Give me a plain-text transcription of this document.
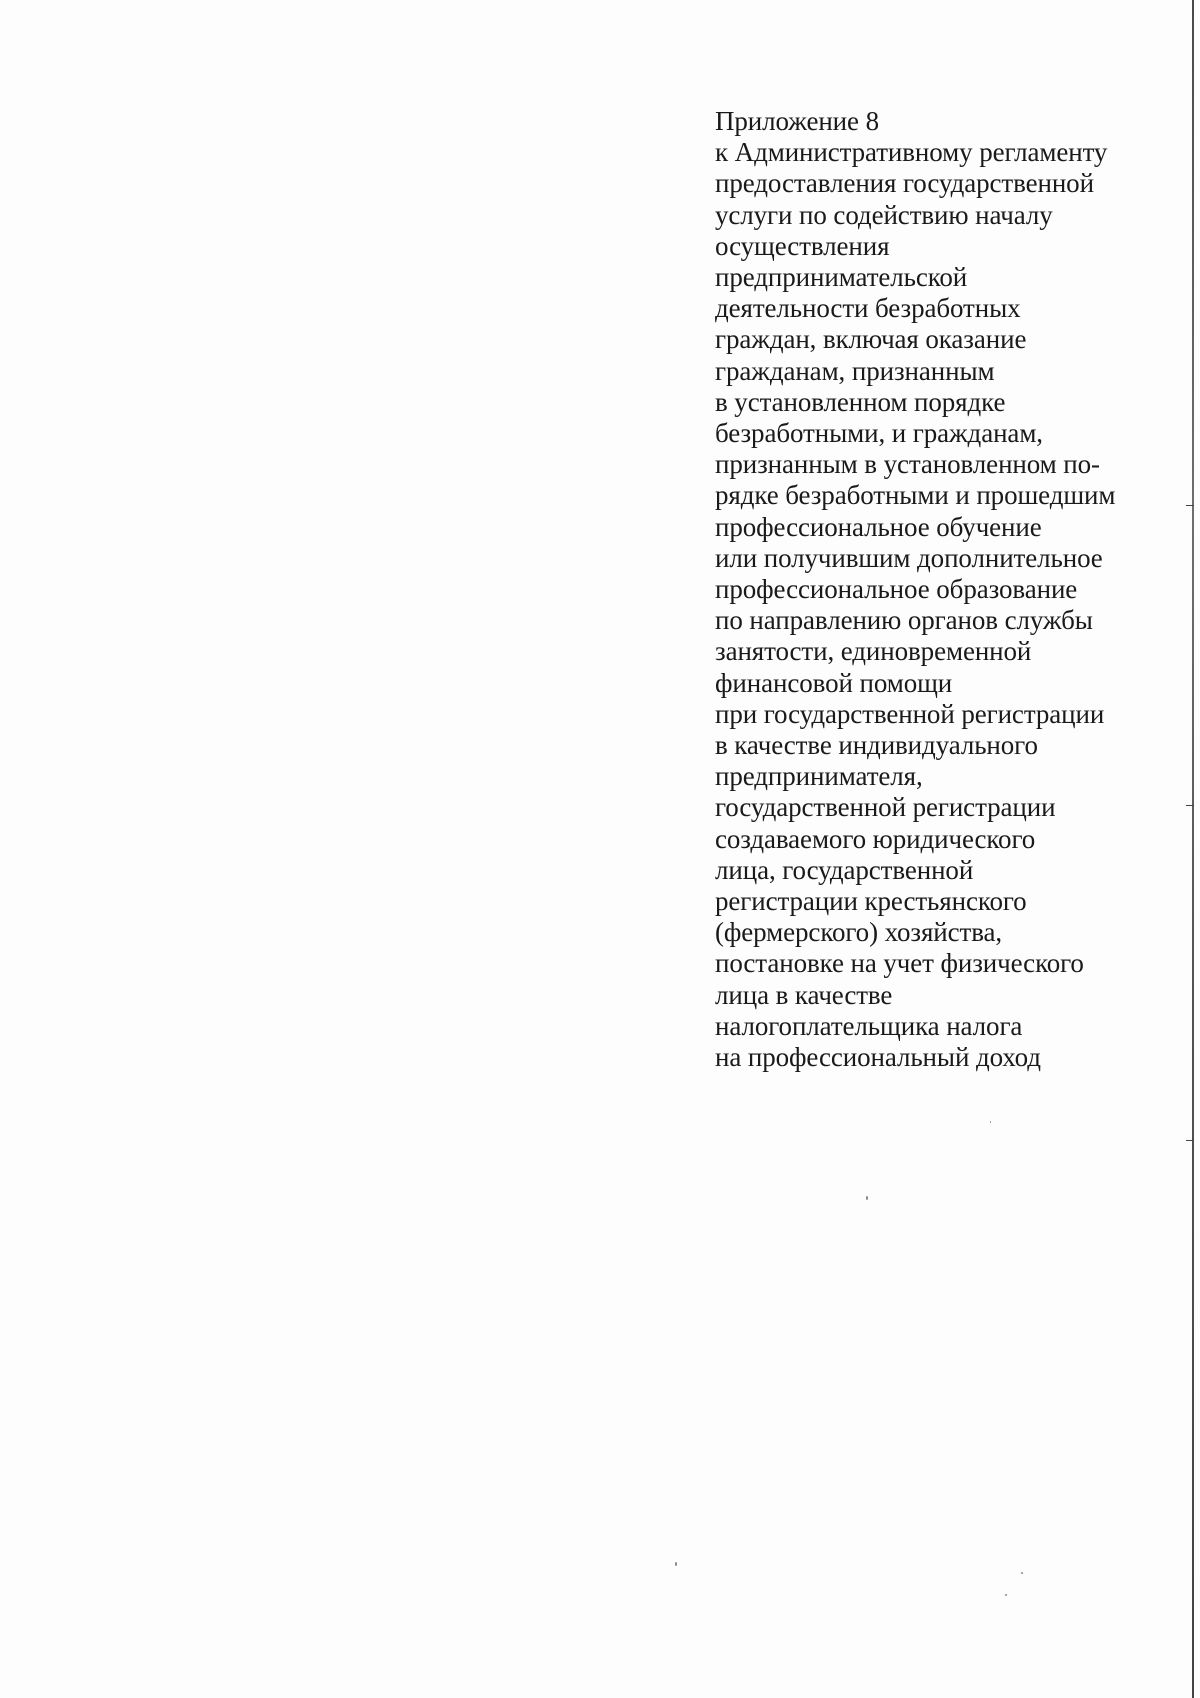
Приложение 8
к Административному регламенту
предоставления государственной
услуги по содействию началу
осуществления
предпринимательской
деятельности безработных
граждан, включая оказание
гражданам, признанным
в установленном порядке
безработными, и гражданам,
признанным в установленном по-
рядке безработными и прошедшим
профессиональное обучение
или получившим дополнительное
профессиональное образование
по направлению органов службы
занятости, единовременной
финансовой помощи
при государственной регистрации
в качестве индивидуального
предпринимателя,
государственной регистрации
создаваемого юридического
лица, государственной
регистрации крестьянского
(фермерского) хозяйства,
постановке на учет физического
лица в качестве
налогоплательщика налога
на профессиональный доход
